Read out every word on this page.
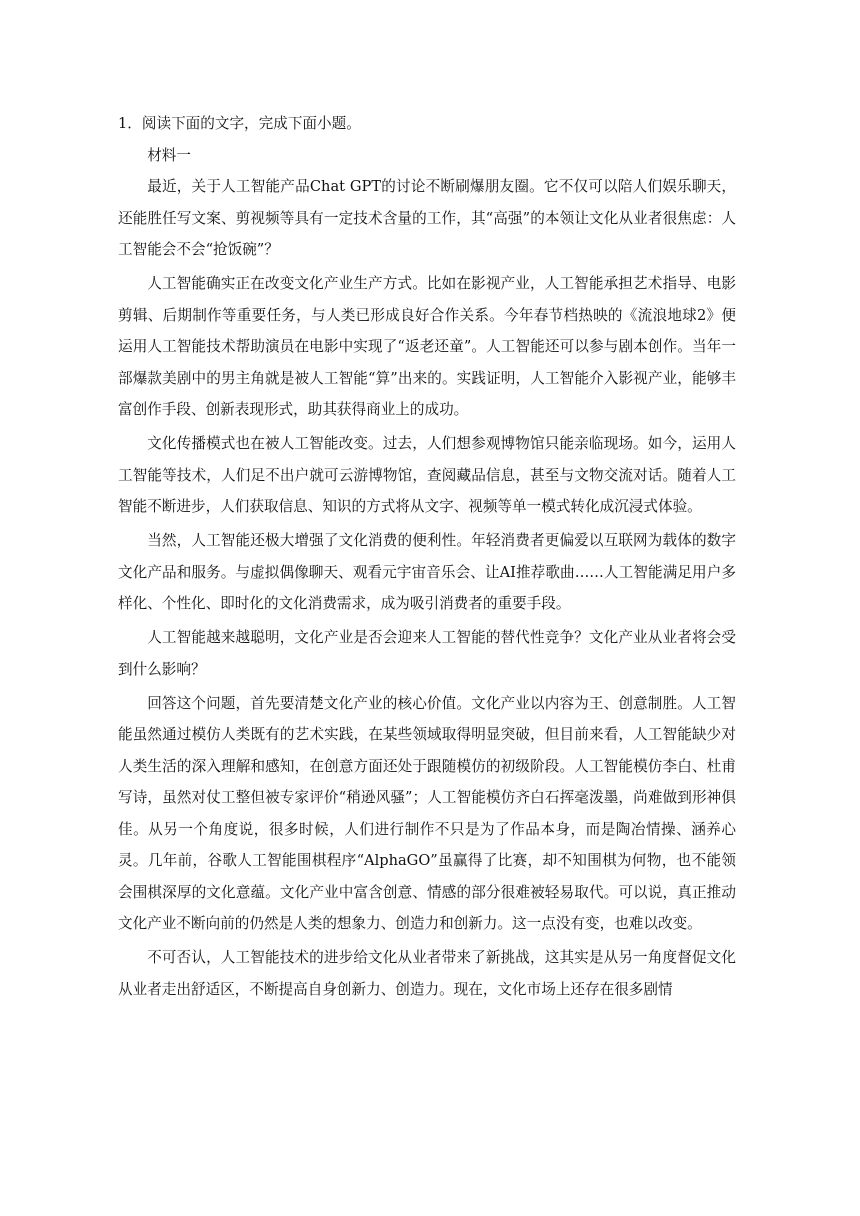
1．阅读下面的文字，完成下面小题。

材料一

最近，关于人工智能产品Chat GPT的讨论不断刷爆朋友圈。它不仅可以陪人们娱乐聊天，还能胜任写文案、剪视频等具有一定技术含量的工作，其“高强”的本领让文化从业者很焦虑：人工智能会不会“抢饭碗”？

人工智能确实正在改变文化产业生产方式。比如在影视产业，人工智能承担艺术指导、电影剪辑、后期制作等重要任务，与人类已形成良好合作关系。今年春节档热映的《流浪地球2》便运用人工智能技术帮助演员在电影中实现了“返老还童”。人工智能还可以参与剧本创作。当年一部爆款美剧中的男主角就是被人工智能“算”出来的。实践证明，人工智能介入影视产业，能够丰富创作手段、创新表现形式，助其获得商业上的成功。

文化传播模式也在被人工智能改变。过去，人们想参观博物馆只能亲临现场。如今，运用人工智能等技术，人们足不出户就可云游博物馆，查阅藏品信息，甚至与文物交流对话。随着人工智能不断进步，人们获取信息、知识的方式将从文字、视频等单一模式转化成沉浸式体验。

当然，人工智能还极大增强了文化消费的便利性。年轻消费者更偏爱以互联网为载体的数字文化产品和服务。与虚拟偶像聊天、观看元宇宙音乐会、让AI推荐歌曲……人工智能满足用户多样化、个性化、即时化的文化消费需求，成为吸引消费者的重要手段。

人工智能越来越聪明，文化产业是否会迎来人工智能的替代性竞争？文化产业从业者将会受到什么影响？

回答这个问题，首先要清楚文化产业的核心价值。文化产业以内容为王、创意制胜。人工智能虽然通过模仿人类既有的艺术实践，在某些领域取得明显突破，但目前来看，人工智能缺少对人类生活的深入理解和感知，在创意方面还处于跟随模仿的初级阶段。人工智能模仿李白、杜甫写诗，虽然对仗工整但被专家评价“稍逊风骚”；人工智能模仿齐白石挥毫泼墨，尚难做到形神俱佳。从另一个角度说，很多时候，人们进行制作不只是为了作品本身，而是陶冶情操、涵养心灵。几年前，谷歌人工智能围棋程序“AlphaGO”虽赢得了比赛，却不知围棋为何物，也不能领会围棋深厚的文化意蕴。文化产业中富含创意、情感的部分很难被轻易取代。可以说，真正推动文化产业不断向前的仍然是人类的想象力、创造力和创新力。这一点没有变，也难以改变。

不可否认，人工智能技术的进步给文化从业者带来了新挑战，这其实是从另一角度督促文化从业者走出舒适区，不断提高自身创新力、创造力。现在，文化市场上还存在很多剧情
